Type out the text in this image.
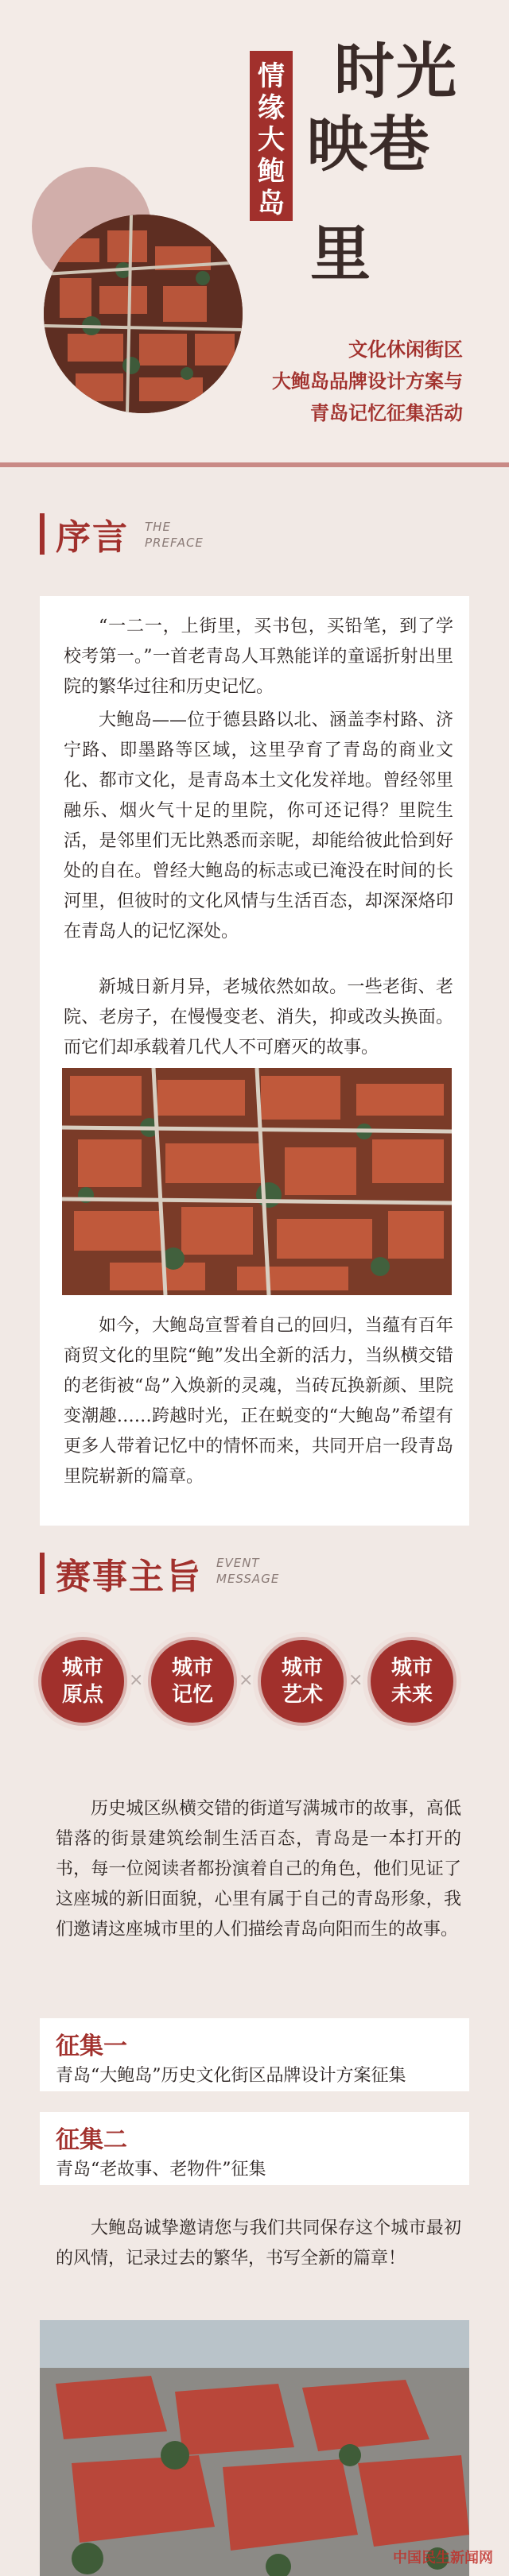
情缘大鲍岛
时光
映巷
里
文化休闲街区
大鲍岛品牌设计方案与
青岛记忆征集活动
序言 THE
PREFACE

“一二一，上街里，买书包，买铅笔，到了学校考第一。”一首老青岛人耳熟能详的童谣折射出里院的繁华过往和历史记忆。

大鲍岛——位于德县路以北、涵盖李村路、济宁路、即墨路等区域，这里孕育了青岛的商业文化、都市文化，是青岛本土文化发祥地。曾经邻里融乐、烟火气十足的里院，你可还记得？里院生活，是邻里们无比熟悉而亲昵，却能给彼此恰到好处的自在。曾经大鲍岛的标志或已淹没在时间的长河里，但彼时的文化风情与生活百态，却深深烙印在青岛人的记忆深处。

新城日新月异，老城依然如故。一些老街、老院、老房子，在慢慢变老、消失，抑或改头换面。而它们却承载着几代人不可磨灭的故事。

如今，大鲍岛宣誓着自己的回归，当蕴有百年商贸文化的里院“鲍”发出全新的活力，当纵横交错的老街被“岛”入焕新的灵魂，当砖瓦换新颜、里院变潮趣……跨越时光，正在蜕变的“大鲍岛”希望有更多人带着记忆中的情怀而来，共同开启一段青岛里院崭新的篇章。

赛事主旨 EVENT
MESSAGE
城市
原点
×
城市
记忆
×
城市
艺术
×
城市
未来

历史城区纵横交错的街道写满城市的故事，高低错落的街景建筑绘制生活百态，青岛是一本打开的书，每一位阅读者都扮演着自己的角色，他们见证了这座城的新旧面貌，心里有属于自己的青岛形象，我们邀请这座城市里的人们描绘青岛向阳而生的故事。

征集一
青岛“大鲍岛”历史文化街区品牌设计方案征集
征集二
青岛“老故事、老物件”征集

大鲍岛诚挚邀请您与我们共同保存这个城市最初的风情，记录过去的繁华，书写全新的篇章！

中国民生新闻网
